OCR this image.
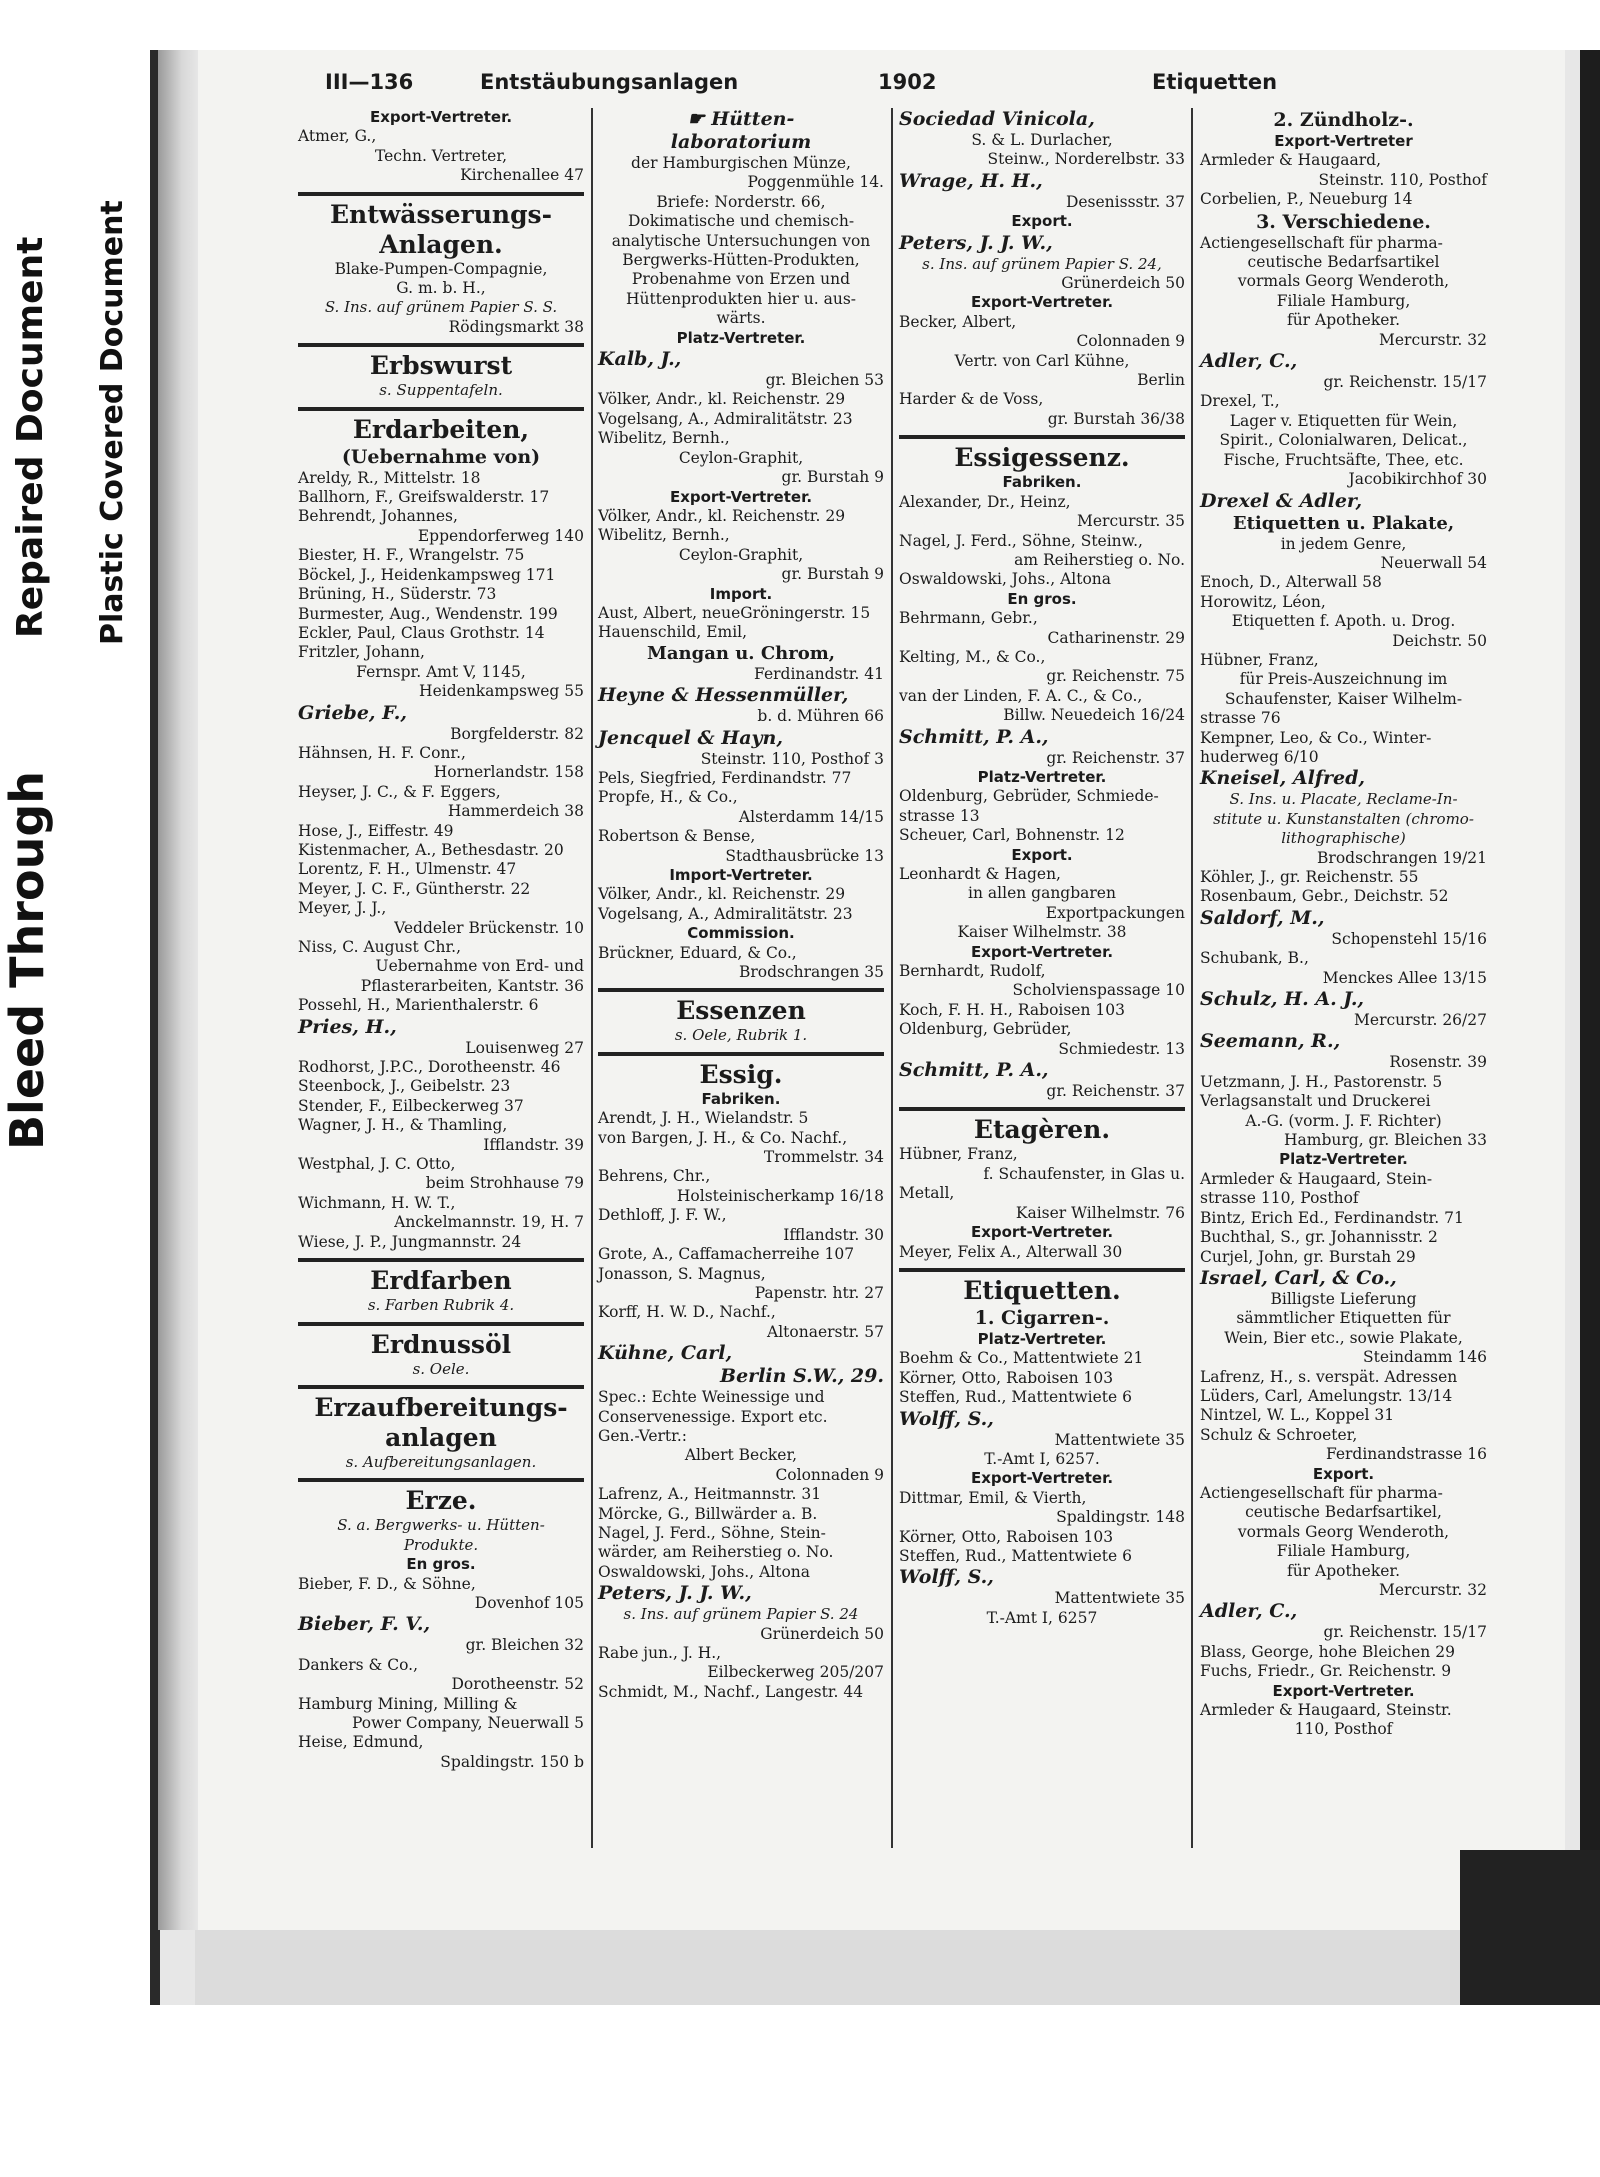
Bleed Through
Repaired Document Plastic Covered Document
III—136	Entstäubungsanlagen	1902	Etiquetten

Export-Vertreter.

Atmer, G.,

Techn. Vertreter,

Kirchenallee 47

Entwässerungs-

Anlagen.

Blake-Pumpen-Compagnie,

G. m. b. H.,

S. Ins. auf grünem Papier S. S.

Rödingsmarkt 38

Erbswurst

s. Suppentafeln.

Erdarbeiten,

(Uebernahme von)

Areldy, R., Mittelstr. 18

Ballhorn, F., Greifswalderstr. 17

Behrendt, Johannes,

Eppendorferweg 140

Biester, H. F., Wrangelstr. 75

Böckel, J., Heidenkampsweg 171

Brüning, H., Süderstr. 73

Burmester, Aug., Wendenstr. 199

Eckler, Paul, Claus Grothstr. 14

Fritzler, Johann,

Fernspr. Amt V, 1145,

Heidenkampsweg 55

Griebe, F.,

Borgfelderstr. 82

Hähnsen, H. F. Conr.,

Hornerlandstr. 158

Heyser, J. C., & F. Eggers,

Hammerdeich 38

Hose, J., Eiffestr. 49

Kistenmacher, A., Bethesdastr. 20

Lorentz, F. H., Ulmenstr. 47

Meyer, J. C. F., Güntherstr. 22

Meyer, J. J.,

Veddeler Brückenstr. 10

Niss, C. August Chr.,

Uebernahme von Erd- und

Pflasterarbeiten, Kantstr. 36

Possehl, H., Marienthalerstr. 6

Pries, H.,

Louisenweg 27

Rodhorst, J.P.C., Dorotheenstr. 46

Steenbock, J., Geibelstr. 23

Stender, F., Eilbeckerweg 37

Wagner, J. H., & Thamling,

Ifflandstr. 39

Westphal, J. C. Otto,

beim Strohhause 79

Wichmann, H. W. T.,

Anckelmannstr. 19, H. 7

Wiese, J. P., Jungmannstr. 24

Erdfarben

s. Farben Rubrik 4.

Erdnussöl

s. Oele.

Erzaufbereitungs-

anlagen

s. Aufbereitungsanlagen.

Erze.

S. a. Bergwerks- u. Hütten-

Produkte.

En gros.

Bieber, F. D., & Söhne,

Dovenhof 105

Bieber, F. V.,

gr. Bleichen 32

Dankers & Co.,

Dorotheenstr. 52

Hamburg Mining, Milling &

Power Company, Neuerwall 5

Heise, Edmund,

Spaldingstr. 150 b

☛ Hütten-

laboratorium

der Hamburgischen Münze,

Poggenmühle 14.

Briefe: Norderstr. 66,

Dokimatische und chemisch-

analytische Untersuchungen von

Bergwerks-Hütten-Produkten,

Probenahme von Erzen und

Hüttenprodukten hier u. aus-

wärts.

Platz-Vertreter.

Kalb, J.,

gr. Bleichen 53

Völker, Andr., kl. Reichenstr. 29

Vogelsang, A., Admiralitätstr. 23

Wibelitz, Bernh.,

Ceylon-Graphit,

gr. Burstah 9

Export-Vertreter.

Völker, Andr., kl. Reichenstr. 29

Wibelitz, Bernh.,

Ceylon-Graphit,

gr. Burstah 9

Import.

Aust, Albert, neueGröningerstr. 15

Hauenschild, Emil,

Mangan u. Chrom,

Ferdinandstr. 41

Heyne & Hessenmüller,

b. d. Mühren 66

Jencquel & Hayn,

Steinstr. 110, Posthof 3

Pels, Siegfried, Ferdinandstr. 77

Propfe, H., & Co.,

Alsterdamm 14/15

Robertson & Bense,

Stadthausbrücke 13

Import-Vertreter.

Völker, Andr., kl. Reichenstr. 29

Vogelsang, A., Admiralitätstr. 23

Commission.

Brückner, Eduard, & Co.,

Brodschrangen 35

Essenzen

s. Oele, Rubrik 1.

Essig.

Fabriken.

Arendt, J. H., Wielandstr. 5

von Bargen, J. H., & Co. Nachf.,

Trommelstr. 34

Behrens, Chr.,

Holsteinischerkamp 16/18

Dethloff, J. F. W.,

Ifflandstr. 30

Grote, A., Caffamacherreihe 107

Jonasson, S. Magnus,

Papenstr. htr. 27

Korff, H. W. D., Nachf.,

Altonaerstr. 57

Kühne, Carl,

Berlin S.W., 29.

Spec.: Echte Weinessige und

Conservenessige. Export etc.

Gen.-Vertr.:

Albert Becker,

Colonnaden 9

Lafrenz, A., Heitmannstr. 31

Mörcke, G., Billwärder a. B.

Nagel, J. Ferd., Söhne, Stein-

wärder, am Reiherstieg o. No.

Oswaldowski, Johs., Altona

Peters, J. J. W.,

s. Ins. auf grünem Papier S. 24

Grünerdeich 50

Rabe jun., J. H.,

Eilbeckerweg 205/207

Schmidt, M., Nachf., Langestr. 44

Sociedad Vinicola,

S. & L. Durlacher,

Steinw., Norderelbstr. 33

Wrage, H. H.,

Desenissstr. 37

Export.

Peters, J. J. W.,

s. Ins. auf grünem Papier S. 24,

Grünerdeich 50

Export-Vertreter.

Becker, Albert,

Colonnaden 9

Vertr. von Carl Kühne,

Berlin

Harder & de Voss,

gr. Burstah 36/38

Essigessenz.

Fabriken.

Alexander, Dr., Heinz,

Mercurstr. 35

Nagel, J. Ferd., Söhne, Steinw.,

am Reiherstieg o. No.

Oswaldowski, Johs., Altona

En gros.

Behrmann, Gebr.,

Catharinenstr. 29

Kelting, M., & Co.,

gr. Reichenstr. 75

van der Linden, F. A. C., & Co.,

Billw. Neuedeich 16/24

Schmitt, P. A.,

gr. Reichenstr. 37

Platz-Vertreter.

Oldenburg, Gebrüder, Schmiede-

strasse 13

Scheuer, Carl, Bohnenstr. 12

Export.

Leonhardt & Hagen,

in allen gangbaren

Exportpackungen

Kaiser Wilhelmstr. 38

Export-Vertreter.

Bernhardt, Rudolf,

Scholvienspassage 10

Koch, F. H. H., Raboisen 103

Oldenburg, Gebrüder,

Schmiedestr. 13

Schmitt, P. A.,

gr. Reichenstr. 37

Etagèren.

Hübner, Franz,

f. Schaufenster, in Glas u.

Metall,

Kaiser Wilhelmstr. 76

Export-Vertreter.

Meyer, Felix A., Alterwall 30

Etiquetten.

1. Cigarren-.

Platz-Vertreter.

Boehm & Co., Mattentwiete 21

Körner, Otto, Raboisen 103

Steffen, Rud., Mattentwiete 6

Wolff, S.,

Mattentwiete 35

T.-Amt I, 6257.

Export-Vertreter.

Dittmar, Emil, & Vierth,

Spaldingstr. 148

Körner, Otto, Raboisen 103

Steffen, Rud., Mattentwiete 6

Wolff, S.,

Mattentwiete 35

T.-Amt I, 6257

2. Zündholz-.

Export-Vertreter

Armleder & Haugaard,

Steinstr. 110, Posthof

Corbelien, P., Neueburg 14

3. Verschiedene.

Actiengesellschaft für pharma-

ceutische Bedarfsartikel

vormals Georg Wenderoth,

Filiale Hamburg,

für Apotheker.

Mercurstr. 32

Adler, C.,

gr. Reichenstr. 15/17

Drexel, T.,

Lager v. Etiquetten für Wein,

Spirit., Colonialwaren, Delicat.,

Fische, Fruchtsäfte, Thee, etc.

Jacobikirchhof 30

Drexel & Adler,

Etiquetten u. Plakate,

in jedem Genre,

Neuerwall 54

Enoch, D., Alterwall 58

Horowitz, Léon,

Etiquetten f. Apoth. u. Drog.

Deichstr. 50

Hübner, Franz,

für Preis-Auszeichnung im

Schaufenster, Kaiser Wilhelm-

strasse 76

Kempner, Leo, & Co., Winter-

huderweg 6/10

Kneisel, Alfred,

S. Ins. u. Placate, Reclame-In-

stitute u. Kunstanstalten (chromo-

lithographische)

Brodschrangen 19/21

Köhler, J., gr. Reichenstr. 55

Rosenbaum, Gebr., Deichstr. 52

Saldorf, M.,

Schopenstehl 15/16

Schubank, B.,

Menckes Allee 13/15

Schulz, H. A. J.,

Mercurstr. 26/27

Seemann, R.,

Rosenstr. 39

Uetzmann, J. H., Pastorenstr. 5

Verlagsanstalt und Druckerei

A.-G. (vorm. J. F. Richter)

Hamburg, gr. Bleichen 33

Platz-Vertreter.

Armleder & Haugaard, Stein-

strasse 110, Posthof

Bintz, Erich Ed., Ferdinandstr. 71

Buchthal, S., gr. Johannisstr. 2

Curjel, John, gr. Burstah 29

Israel, Carl, & Co.,

Billigste Lieferung

sämmtlicher Etiquetten für

Wein, Bier etc., sowie Plakate,

Steindamm 146

Lafrenz, H., s. verspät. Adressen

Lüders, Carl, Amelungstr. 13/14

Nintzel, W. L., Koppel 31

Schulz & Schroeter,

Ferdinandstrasse 16

Export.

Actiengesellschaft für pharma-

ceutische Bedarfsartikel,

vormals Georg Wenderoth,

Filiale Hamburg,

für Apotheker.

Mercurstr. 32

Adler, C.,

gr. Reichenstr. 15/17

Blass, George, hohe Bleichen 29

Fuchs, Friedr., Gr. Reichenstr. 9

Export-Vertreter.

Armleder & Haugaard, Steinstr.

110, Posthof
